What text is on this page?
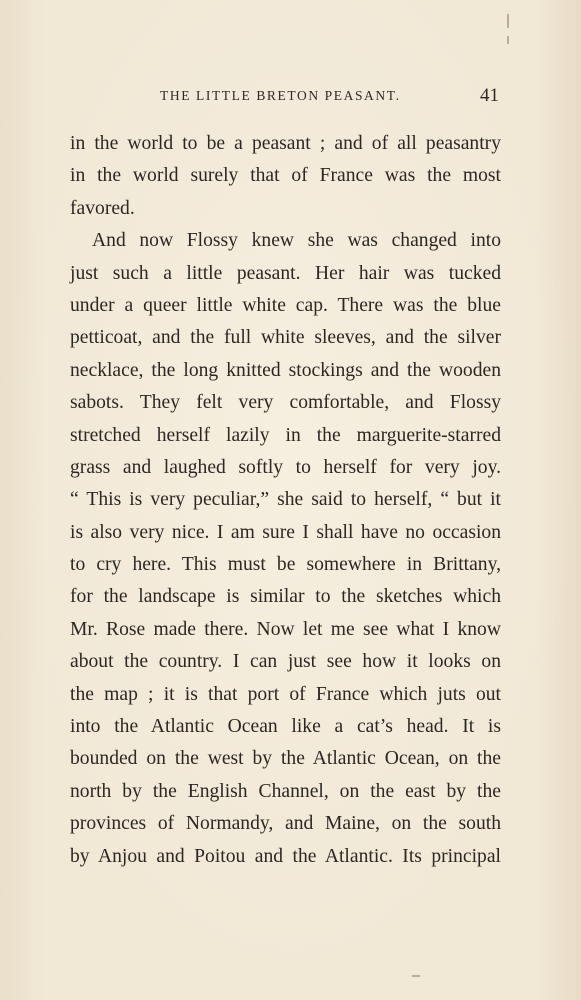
THE LITTLE BRETON PEASANT.	41
in the world to be a peasant ; and of all peasantry
in the world surely that of France was the most
favored.
And now Flossy knew she was changed into
just such a little peasant. Her hair was tucked
under a queer little white cap. There was the blue
petticoat, and the full white sleeves, and the silver
necklace, the long knitted stockings and the wooden
sabots. They felt very comfortable, and Flossy
stretched herself lazily in the marguerite-starred
grass and laughed softly to herself for very joy.
“ This is very peculiar,” she said to herself, “ but it
is also very nice. I am sure I shall have no occasion
to cry here. This must be somewhere in Brittany,
for the landscape is similar to the sketches which
Mr. Rose made there. Now let me see what I know
about the country. I can just see how it looks on
the map ; it is that port of France which juts out
into the Atlantic Ocean like a cat’s head. It is
bounded on the west by the Atlantic Ocean, on the
north by the English Channel, on the east by the
provinces of Normandy, and Maine, on the south
by Anjou and Poitou and the Atlantic. Its principal
